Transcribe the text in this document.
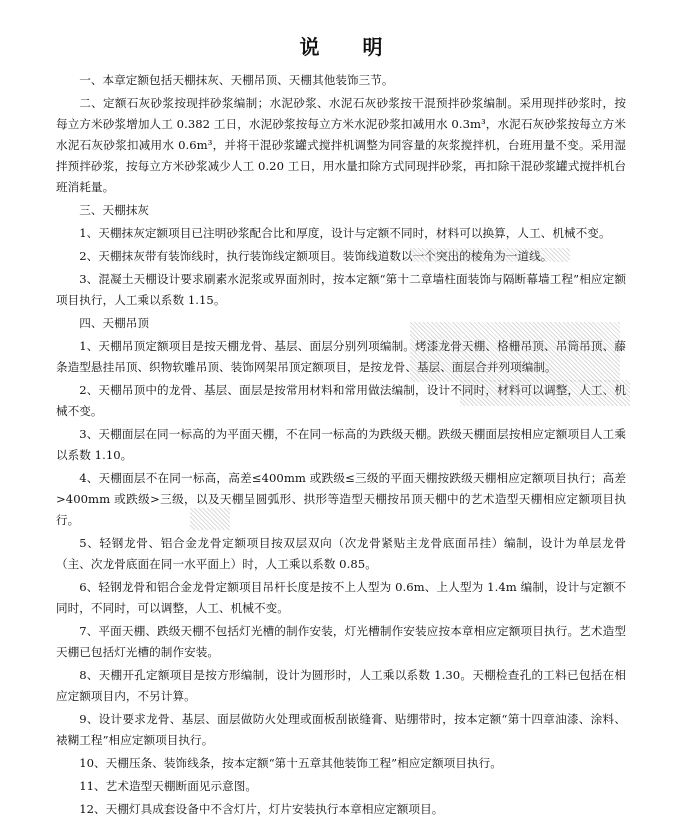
说 明
一、本章定额包括天棚抹灰、天棚吊顶、天棚其他装饰三节。
二、定额石灰砂浆按现拌砂浆编制；水泥砂浆、水泥石灰砂浆按干混预拌砂浆编制。采用现拌砂浆时，按每立方米砂浆增加人工 0.382 工日，水泥砂浆按每立方米水泥砂浆扣减用水 0.3m³，水泥石灰砂浆按每立方米水泥石灰砂浆扣减用水 0.6m³，并将干混砂浆罐式搅拌机调整为同容量的灰浆搅拌机，台班用量不变。采用湿拌预拌砂浆，按每立方米砂浆减少人工 0.20 工日，用水量扣除方式同现拌砂浆，再扣除干混砂浆罐式搅拌机台班消耗量。
三、天棚抹灰
1、天棚抹灰定额项目已注明砂浆配合比和厚度，设计与定额不同时，材料可以换算，人工、机械不变。
2、天棚抹灰带有装饰线时，执行装饰线定额项目。装饰线道数以一个突出的棱角为一道线。
3、混凝土天棚设计要求刷素水泥浆或界面剂时，按本定额“第十二章墙柱面装饰与隔断幕墙工程”相应定额项目执行，人工乘以系数 1.15。
四、天棚吊顶
1、天棚吊顶定额项目是按天棚龙骨、基层、面层分别列项编制。烤漆龙骨天棚、格栅吊顶、吊筒吊顶、藤条造型悬挂吊顶、织物软雕吊顶、装饰网架吊顶定额项目，是按龙骨、基层、面层合并列项编制。
2、天棚吊顶中的龙骨、基层、面层是按常用材料和常用做法编制，设计不同时，材料可以调整，人工、机械不变。
3、天棚面层在同一标高的为平面天棚，不在同一标高的为跌级天棚。跌级天棚面层按相应定额项目人工乘以系数 1.10。
4、天棚面层不在同一标高，高差≤400mm 或跌级≤三级的平面天棚按跌级天棚相应定额项目执行；高差>400mm 或跌级>三级，以及天棚呈圆弧形、拱形等造型天棚按吊顶天棚中的艺术造型天棚相应定额项目执行。
5、轻钢龙骨、铝合金龙骨定额项目按双层双向（次龙骨紧贴主龙骨底面吊挂）编制，设计为单层龙骨（主、次龙骨底面在同一水平面上）时，人工乘以系数 0.85。
6、轻钢龙骨和铝合金龙骨定额项目吊杆长度是按不上人型为 0.6m、上人型为 1.4m 编制，设计与定额不同时，不同时，可以调整，人工、机械不变。
7、平面天棚、跌级天棚不包括灯光槽的制作安装，灯光槽制作安装应按本章相应定额项目执行。艺术造型天棚已包括灯光槽的制作安装。
8、天棚开孔定额项目是按方形编制，设计为圆形时，人工乘以系数 1.30。天棚检查孔的工料已包括在相应定额项目内，不另计算。
9、设计要求龙骨、基层、面层做防火处理或面板刮嵌缝膏、贴绷带时，按本定额“第十四章油漆、涂料、裱糊工程”相应定额项目执行。
10、天棚压条、装饰线条，按本定额“第十五章其他装饰工程”相应定额项目执行。
11、艺术造型天棚断面见示意图。
12、天棚灯具成套设备中不含灯片，灯片安装执行本章相应定额项目。
